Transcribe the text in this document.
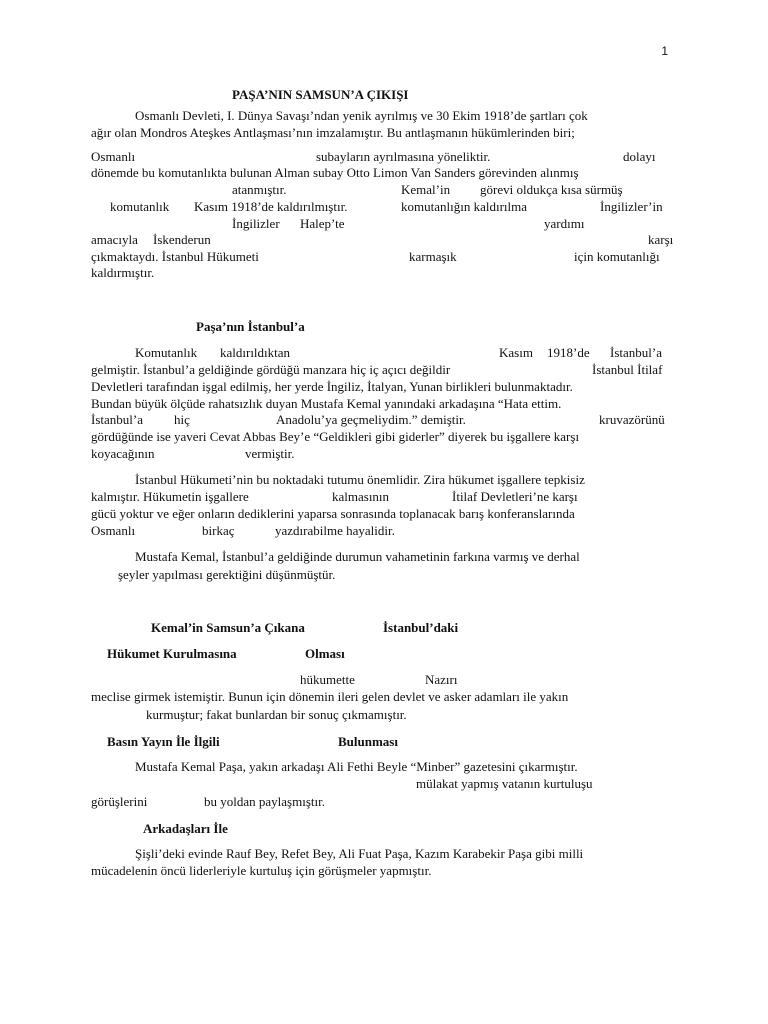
1
PAŞA’NIN SAMSUN’A ÇIKIŞI
Osmanlı Devleti, I. Dünya Savaşı’ndan yenik ayrılmış ve 30 Ekim 1918’de şartları çok
ağır olan Mondros Ateşkes Antlaşması’nın imzalamıştır. Bu antlaşmanın hükümlerinden biri;
Osmanlı	subayların ayrılmasına yöneliktir.	dolayı
dönemde bu komutanlıkta bulunan Alman subay Otto Limon Van Sanders görevinden alınmış
atanmıştır.	Kemal’in görevi oldukça kısa sürmüş
komutanlık Kasım 1918’de kaldırılmıştır.	komutanlığın kaldırılma	İngilizler’in
İngilizler Halep’te	yardımı
amacıyla İskenderun	karşı
çıkmaktaydı. İstanbul Hükumeti	karmaşık	için komutanlığı
kaldırmıştır.
Paşa’nın İstanbul’a
Komutanlık kaldırıldıktan	Kasım 1918’de İstanbul’a
gelmiştir. İstanbul’a geldiğinde gördüğü manzara hiç iç açıcı değildir	İstanbul İtilaf
Devletleri tarafından işgal edilmiş, her yerde İngiliz, İtalyan, Yunan birlikleri bulunmaktadır.
Bundan büyük ölçüde rahatsızlık duyan Mustafa Kemal yanındaki arkadaşına “Hata ettim.
İstanbul’a hiç	Anadolu’ya geçmeliydim.” demiştir.	kruvazörünü
gördüğünde ise yaveri Cevat Abbas Bey’e “Geldikleri gibi giderler” diyerek bu işgallere karşı
koyacağının	vermiştir.
İstanbul Hükumeti’nin bu noktadaki tutumu önemlidir. Zira hükumet işgallere tepkisiz
kalmıştır. Hükumetin işgallere	kalmasının	İtilaf Devletleri’ne karşı
gücü yoktur ve eğer onların dediklerini yaparsa sonrasında toplanacak barış konferanslarında
Osmanlı	birkaç	yazdırabilme hayalidir.
Mustafa Kemal, İstanbul’a geldiğinde durumun vahametinin farkına varmış ve derhal
şeyler yapılması gerektiğini düşünmüştür.
Kemal’in Samsun’a Çıkana	İstanbul’daki
Hükumet Kurulmasına	Olması
hükumette	Nazırı
meclise girmek istemiştir. Bunun için dönemin ileri gelen devlet ve asker adamları ile yakın
kurmuştur; fakat bunlardan bir sonuç çıkmamıştır.
Basın Yayın İle İlgili	Bulunması
Mustafa Kemal Paşa, yakın arkadaşı Ali Fethi Beyle “Minber” gazetesini çıkarmıştır.
mülakat yapmış vatanın kurtuluşu
görüşlerini	bu yoldan paylaşmıştır.
Arkadaşları İle
Şişli’deki evinde Rauf Bey, Refet Bey, Ali Fuat Paşa, Kazım Karabekir Paşa gibi milli
mücadelenin öncü liderleriyle kurtuluş için görüşmeler yapmıştır.
